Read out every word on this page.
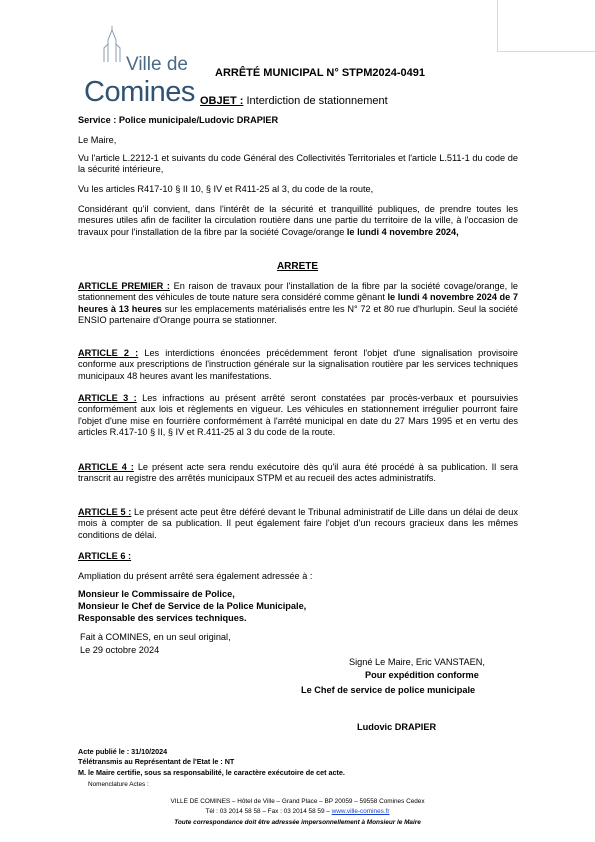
Ville de
Comines
ARRÊTÉ MUNICIPAL N° STPM2024-0491
OBJET : Interdiction de stationnement
Service : Police municipale/Ludovic DRAPIER
Le Maire,
Vu l'article L.2212-1 et suivants du code Général des Collectivités Territoriales et l'article L.511-1 du code de la sécurité intérieure,
Vu les articles R417-10 § II 10, § IV et R411-25 al 3, du code de la route,
Considérant qu'il convient, dans l'intérêt de la sécurité et tranquillité publiques, de prendre toutes les mesures utiles afin de faciliter la circulation routière dans une partie du territoire de la ville, à l'occasion de travaux pour l'installation de la fibre par la société Covage/orange le lundi 4 novembre 2024,
ARRETE
ARTICLE PREMIER : En raison de travaux pour l'installation de la fibre par la société covage/orange, le stationnement des véhicules de toute nature sera considéré comme gênant le lundi 4 novembre 2024 de 7 heures à 13 heures sur les emplacements matérialisés entre les N° 72 et 80 rue d'hurlupin. Seul la société ENSIO partenaire d'Orange pourra se stationner.
ARTICLE 2 : Les interdictions énoncées précédemment feront l'objet d'une signalisation provisoire conforme aux prescriptions de l'instruction générale sur la signalisation routière par les services techniques municipaux 48 heures avant les manifestations.
ARTICLE 3 : Les infractions au présent arrêté seront constatées par procès-verbaux et poursuivies conformément aux lois et règlements en vigueur. Les véhicules en stationnement irrégulier pourront faire l'objet d'une mise en fourrière conformément à l'arrêté municipal en date du 27 Mars 1995 et en vertu des articles R.417-10 § II, § IV et R.411-25 al 3 du code de la route.
ARTICLE 4 : Le présent acte sera rendu exécutoire dès qu'il aura été procédé à sa publication. Il sera transcrit au registre des arrêtés municipaux STPM et au recueil des actes administratifs.
ARTICLE 5 : Le présent acte peut être déféré devant le Tribunal administratif de Lille dans un délai de deux mois à compter de sa publication. Il peut également faire l'objet d'un recours gracieux dans les mêmes conditions de délai.
ARTICLE 6 :
Ampliation du présent arrêté sera également adressée à :
Monsieur le Commissaire de Police,
Monsieur le Chef de Service de la Police Municipale,
Responsable des services techniques.
Fait à COMINES, en un seul original,
Le 29 octobre 2024
Signé Le Maire, Eric VANSTAEN,
Pour expédition conforme
Le Chef de service de police municipale
Ludovic DRAPIER
Acte publié le : 31/10/2024
Télétransmis au Représentant de l'Etat le : NT
M. le Maire certifie, sous sa responsabilité, le caractère exécutoire de cet acte.
Nomenclature Actes :
VILLE DE COMINES – Hôtel de Ville – Grand Place – BP 20059 – 59558 Comines Cedex
Tél : 03 2014 58 58 – Fax : 03 2014 58 59 – www.ville-comines.fr
Toute correspondance doit être adressée impersonnellement à Monsieur le Maire
